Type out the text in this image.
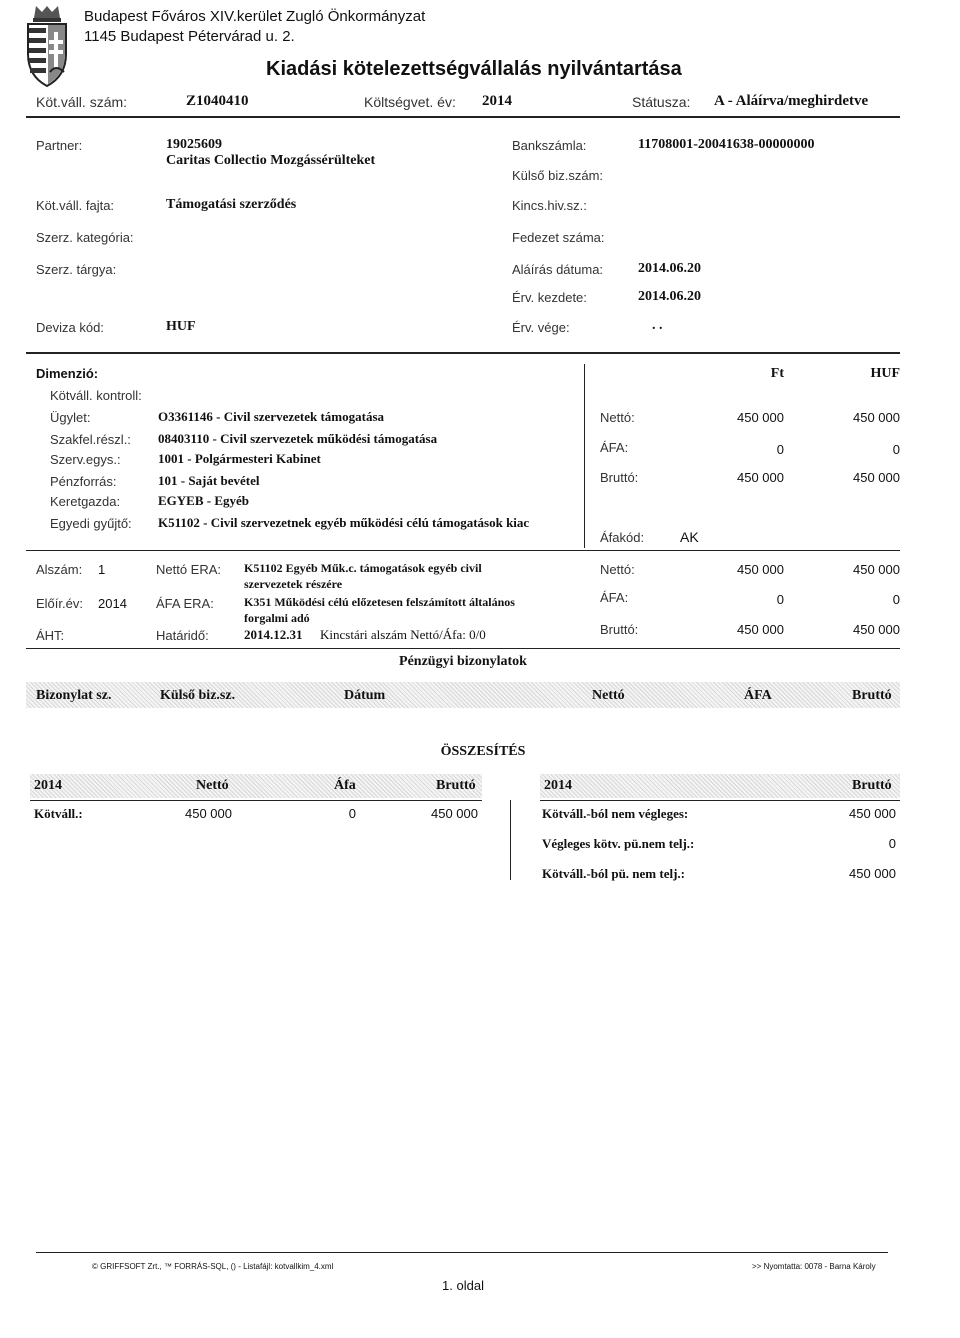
Budapest Főváros XIV.kerület Zugló Önkormányzat
1145 Budapest Pétervárad u. 2.
Kiadási kötelezettségvállalás nyilvántartása
Köt.váll. szám:	Z1040410	Költségvet. év: 2014	Státusza: A - Aláírva/meghirdetve
Partner:	19025609
Caritas Collectio Mozgássérülteket
Köt.váll. fajta:	Támogatási szerződés
Szerz. kategória:
Szerz. tárgya:
Deviza kód:	HUF
Bankszámla:	11708001-20041638-00000000
Külső biz.szám:
Kincs.hiv.sz.:
Fedezet száma:
Aláírás dátuma: 2014.06.20
Érv. kezdete:	2014.06.20
Érv. vége:	. .
Dimenzió:
Kötváll. kontroll:
Ügylet:	O3361146 - Civil szervezetek támogatása
Szakfel.részl.: 08403110 - Civil szervezetek működési támogatása
Szerv.egys.:	1001 - Polgármesteri Kabinet
Pénzforrás:	101 - Saját bevétel
Keretgazda:	EGYEB - Egyéb
Egyedi gyűjtő: K51102 - Civil szervezetnek egyéb működési célú támogatások kiac
Ft	HUF
Nettó:	450 000	450 000
ÁFA:	0	0
Bruttó:	450 000	450 000
Áfakód:	AK
Alszám: 1
Előír.év: 2014
ÁHT:
Nettó ERA: K51102 Egyéb Műk.c. támogatások egyéb civil
szervezetek részére
ÁFA ERA:	K351 Működési célú előzetesen felszámított általános
forgalmi adó
Határidő:	2014.12.31 Kincstári alszám Nettó/Áfa: 0/0
Nettó:	450 000	450 000
ÁFA:	0	0
Bruttó:	450 000	450 000
Pénzügyi bizonylatok
Bizonylat sz.	Külső biz.sz.	Dátum	Nettó	ÁFA	Bruttó
ÖSSZESÍTÉS
2014	Nettó	Áfa	Bruttó
Kötváll.:	450 000	0	450 000
2014	Bruttó
Kötváll.-ból nem végleges:	450 000
Végleges kötv. pü.nem telj.:	0
Kötváll.-ból pü. nem telj.:	450 000
© GRIFFSOFT Zrt., ™ FORRÁS-SQL, () - Listafájl: kotvallkim_4.xml	>> Nyomtatta: 0078 - Barna Károly
1. oldal
